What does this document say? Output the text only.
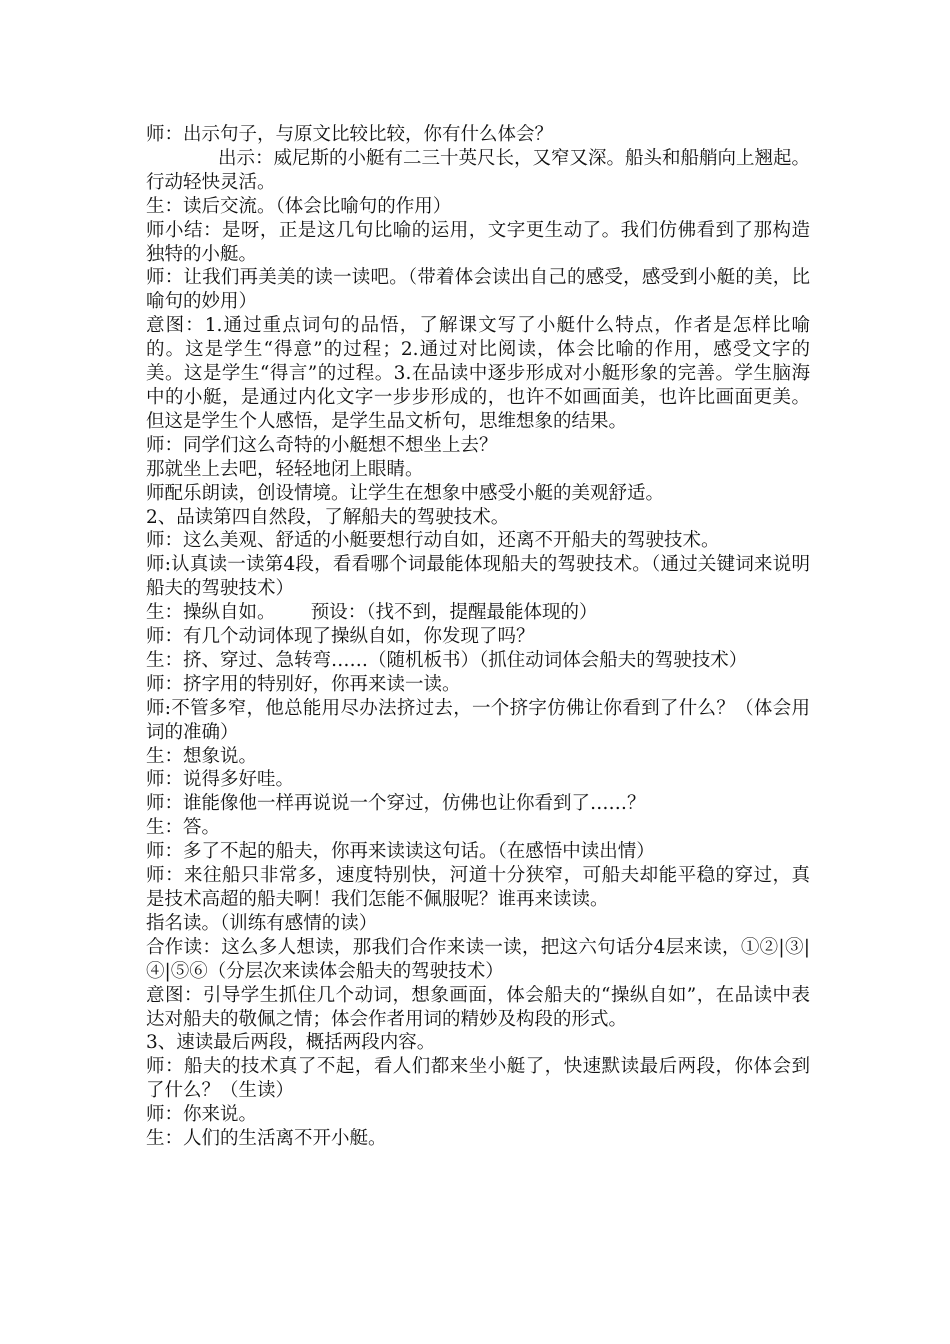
师：出示句子，与原文比较比较，你有什么体会？

出示：威尼斯的小艇有二三十英尺长，又窄又深。船头和船艄向上翘起。行动轻快灵活。

生：读后交流。（体会比喻句的作用）

师小结：是呀，正是这几句比喻的运用，文字更生动了。我们仿佛看到了那构造独特的小艇。

师：让我们再美美的读一读吧。（带着体会读出自己的感受，感受到小艇的美，比喻句的妙用）

意图：1.通过重点词句的品悟，了解课文写了小艇什么特点，作者是怎样比喻的。这是学生“得意”的过程；2.通过对比阅读，体会比喻的作用，感受文字的美。这是学生“得言”的过程。3.在品读中逐步形成对小艇形象的完善。学生脑海中的小艇，是通过内化文字一步步形成的，也许不如画面美，也许比画面更美。但这是学生个人感悟，是学生品文析句，思维想象的结果。

师：同学们这么奇特的小艇想不想坐上去？

那就坐上去吧，轻轻地闭上眼睛。

师配乐朗读，创设情境。让学生在想象中感受小艇的美观舒适。

2、品读第四自然段，了解船夫的驾驶技术。

师：这么美观、舒适的小艇要想行动自如，还离不开船夫的驾驶技术。

师:认真读一读第4段，看看哪个词最能体现船夫的驾驶技术。（通过关键词来说明船夫的驾驶技术）

生：操纵自如。      预设：（找不到，提醒最能体现的）

师：有几个动词体现了操纵自如，你发现了吗？

生：挤、穿过、急转弯……（随机板书）（抓住动词体会船夫的驾驶技术）

师：挤字用的特别好，你再来读一读。

师:不管多窄，他总能用尽办法挤过去，一个挤字仿佛让你看到了什么？（体会用词的准确）

生：想象说。

师：说得多好哇。

师：谁能像他一样再说说一个穿过，仿佛也让你看到了……？

生：答。

师：多了不起的船夫，你再来读读这句话。（在感悟中读出情）

师：来往船只非常多，速度特别快，河道十分狭窄，可船夫却能平稳的穿过，真是技术高超的船夫啊！我们怎能不佩服呢？谁再来读读。

指名读。（训练有感情的读）

合作读：这么多人想读，那我们合作来读一读，把这六句话分4层来读，①②|③|④|⑤⑥（分层次来读体会船夫的驾驶技术）

意图：引导学生抓住几个动词，想象画面，体会船夫的“操纵自如”，在品读中表达对船夫的敬佩之情；体会作者用词的精妙及构段的形式。

3、速读最后两段，概括两段内容。

师：船夫的技术真了不起，看人们都来坐小艇了，快速默读最后两段，你体会到了什么？（生读）

师：你来说。

生：人们的生活离不开小艇。
